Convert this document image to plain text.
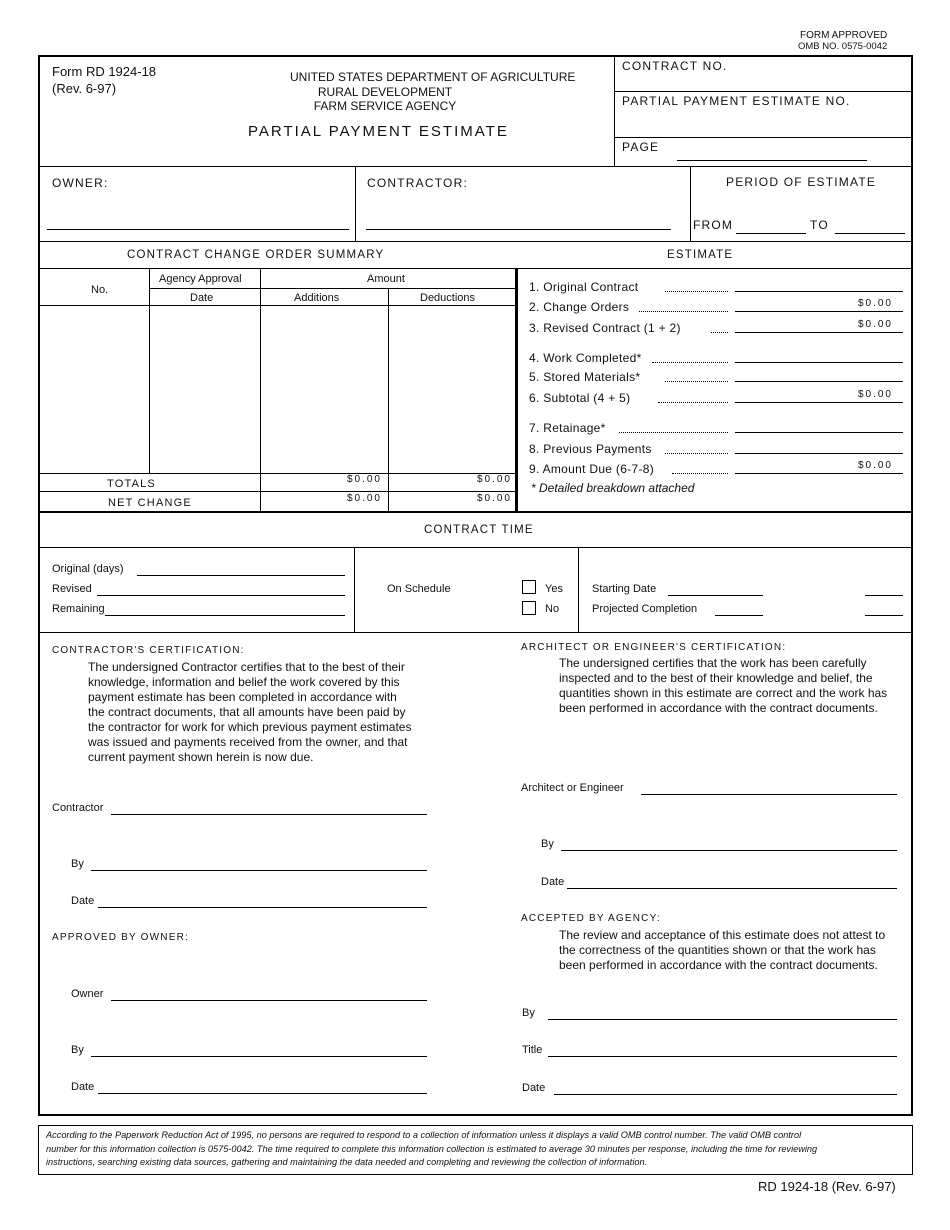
FORM APPROVED
OMB NO. 0575-0042
Form RD 1924-18
(Rev. 6-97)
UNITED STATES DEPARTMENT OF AGRICULTURE
RURAL DEVELOPMENT
FARM SERVICE AGENCY
PARTIAL PAYMENT ESTIMATE
CONTRACT NO.
PARTIAL PAYMENT ESTIMATE NO.
PAGE
OWNER:	CONTRACTOR:	PERIOD OF ESTIMATE
FROM	TO
CONTRACT CHANGE ORDER SUMMARY	ESTIMATE
No.
Agency Approval
Date
Amount
Additions	Deductions
TOTALS	$0.00	$0.00
NET CHANGE	$0.00	$0.00
1. Original Contract
2. Change Orders	$0.00
3. Revised Contract (1 + 2)	$0.00
4. Work Completed*
5. Stored Materials*
6. Subtotal (4 + 5)	$0.00
7. Retainage*
8. Previous Payments
9. Amount Due (6-7-8)	$0.00
* Detailed breakdown attached
CONTRACT TIME
Original (days)
Revised
Remaining
On Schedule	Yes
No
Starting Date
Projected Completion
CONTRACTOR'S CERTIFICATION:
The undersigned Contractor certifies that to the best of their
knowledge, information and belief the work covered by this
payment estimate has been completed in accordance with
the contract documents, that all amounts have been paid by
the contractor for work for which previous payment estimates
was issued and payments received from the owner, and that
current payment shown herein is now due.
Contractor
By
Date
APPROVED BY OWNER:
Owner
By
Date
ARCHITECT OR ENGINEER'S CERTIFICATION:
The undersigned certifies that the work has been carefully
inspected and to the best of their knowledge and belief, the
quantities shown in this estimate are correct and the work has
been performed in accordance with the contract documents.
Architect or Engineer
By
Date
ACCEPTED BY AGENCY:
The review and acceptance of this estimate does not attest to
the correctness of the quantities shown or that the work has
been performed in accordance with the contract documents.
By
Title
Date
According to the Paperwork Reduction Act of 1995, no persons are required to respond to a collection of information unless it displays a valid OMB control number. The valid OMB control
number for this information collection is 0575-0042. The time required to complete this information collection is estimated to average 30 minutes per response, including the time for reviewing
instructions, searching existing data sources, gathering and maintaining the data needed and completing and reviewing the collection of information.
RD 1924-18 (Rev. 6-97)
